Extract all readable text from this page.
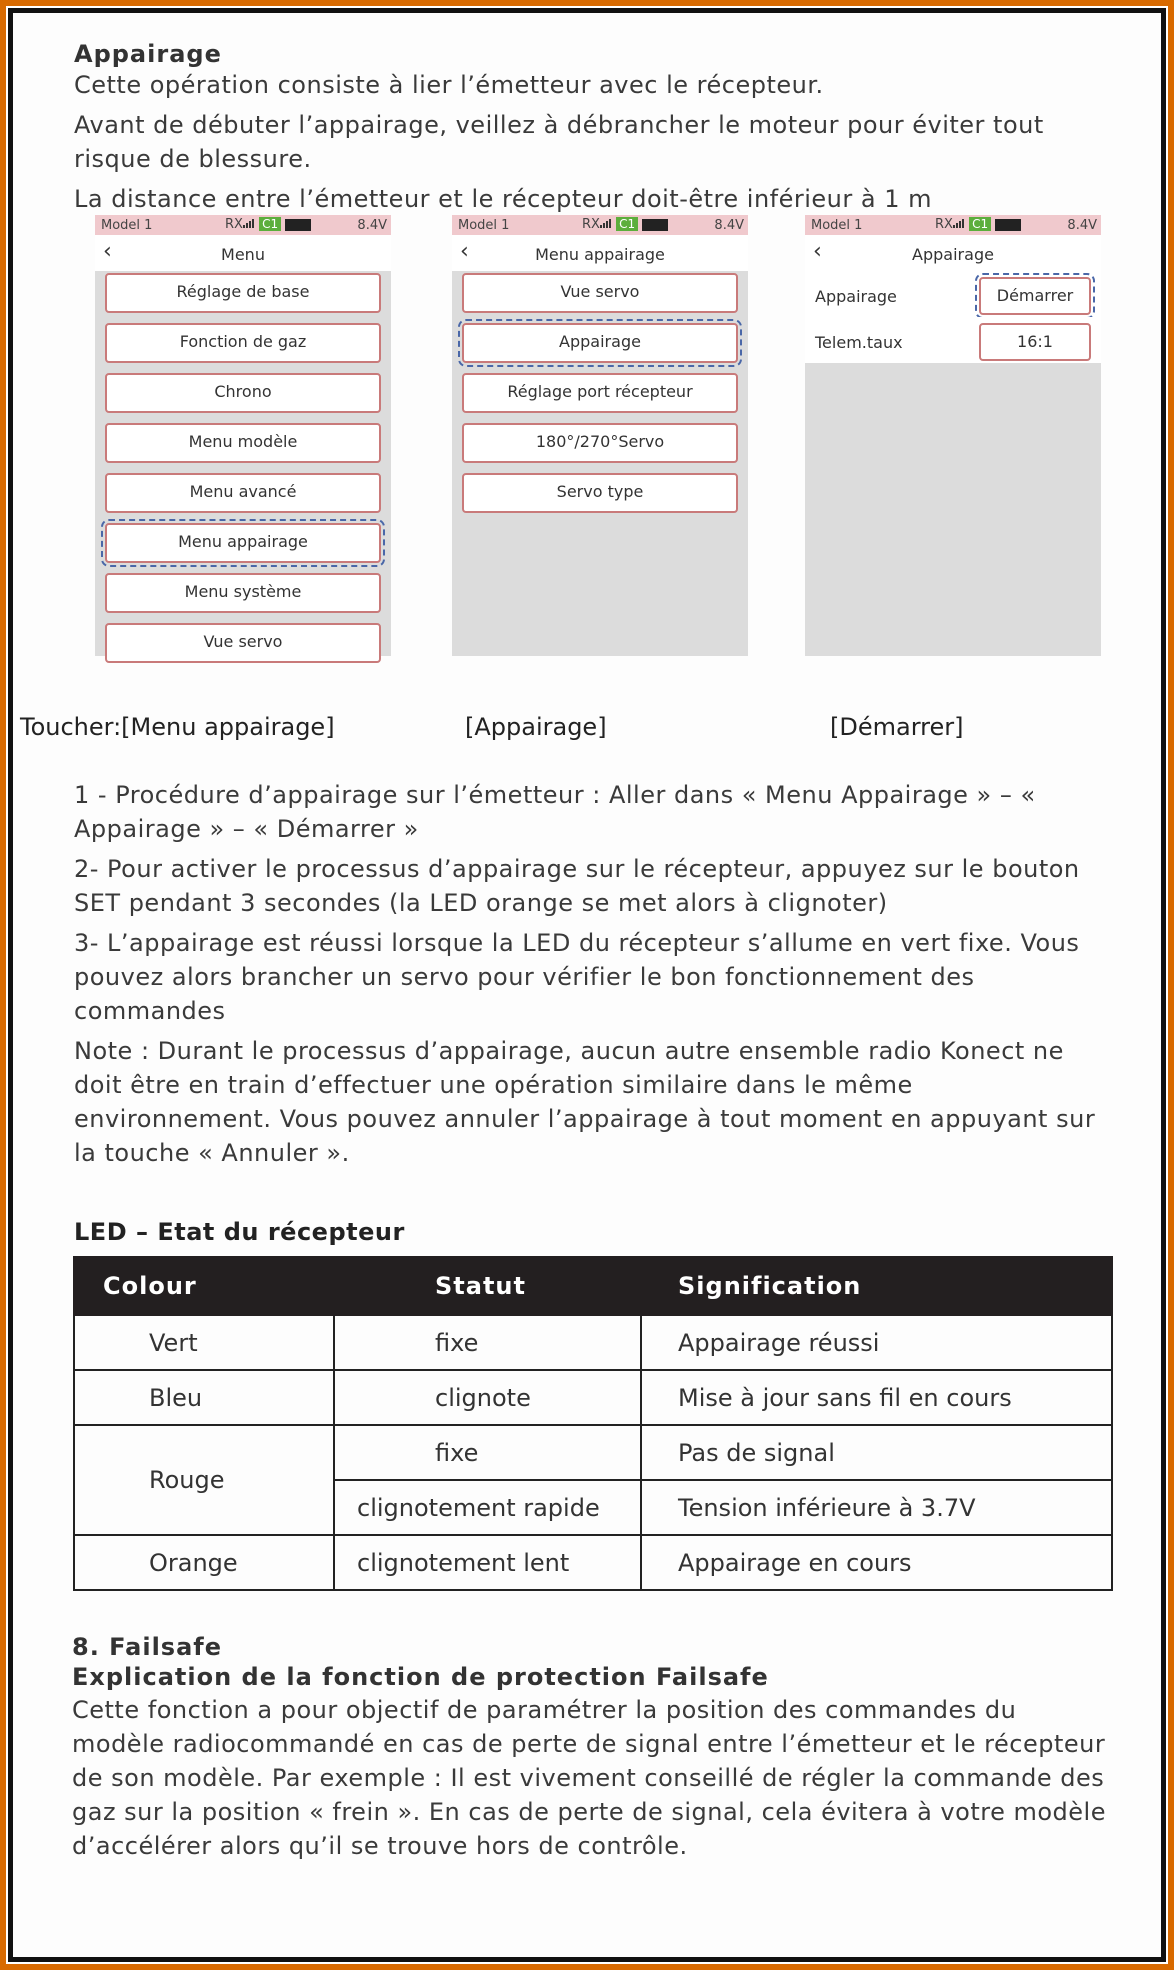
Appairage

Cette opération consiste à lier l’émetteur avec le récepteur.

Avant de débuter l’appairage, veillez à débrancher le moteur pour éviter tout risque de blessure.

La distance entre l’émetteur et le récepteur doit-être inférieur à 1 m

Model 1	RX C1	8.4V
‹	Menu
Réglage de base
Fonction de gaz
Chrono
Menu modèle
Menu avancé
Menu appairage
Menu système
Vue servo
Model 1	RX C1	8.4V
‹	Menu appairage
Vue servo
Appairage
Réglage port récepteur
180°/270°Servo
Servo type
Model 1	RX C1	8.4V
‹	Appairage
Appairage	Démarrer
Telem.taux	16:1
Toucher:[Menu appairage]	[Appairage]	[Démarrer]

1 - Procédure d’appairage sur l’émetteur : Aller dans « Menu Appairage » – « Appairage » – « Démarrer »

2- Pour activer le processus d’appairage sur le récepteur, appuyez sur le bouton SET pendant 3 secondes (la LED orange se met alors à clignoter)

3- L’appairage est réussi lorsque la LED du récepteur s’allume en vert fixe. Vous pouvez alors brancher un servo pour vérifier le bon fonctionnement des commandes

Note : Durant le processus d’appairage, aucun autre ensemble radio Konect ne doit être en train d’effectuer une opération similaire dans le même environnement. Vous pouvez annuler l’appairage à tout moment en appuyant sur la touche « Annuler ».

LED – Etat du récepteur
Colour	Statut	Signification
Vert	fixe	Appairage réussi
Bleu	clignote	Mise à jour sans fil en cours
Rouge	fixe	Pas de signal
	clignotement rapide	Tension inférieure à 3.7V
Orange	clignotement lent	Appairage en cours
8. Failsafe
Explication de la fonction de protection Failsafe

Cette fonction a pour objectif de paramétrer la position des commandes du modèle radiocommandé en cas de perte de signal entre l’émetteur et le récepteur de son modèle. Par exemple : Il est vivement conseillé de régler la commande des gaz sur la position « frein ». En cas de perte de signal, cela évitera à votre modèle d’accélérer alors qu’il se trouve hors de contrôle.
